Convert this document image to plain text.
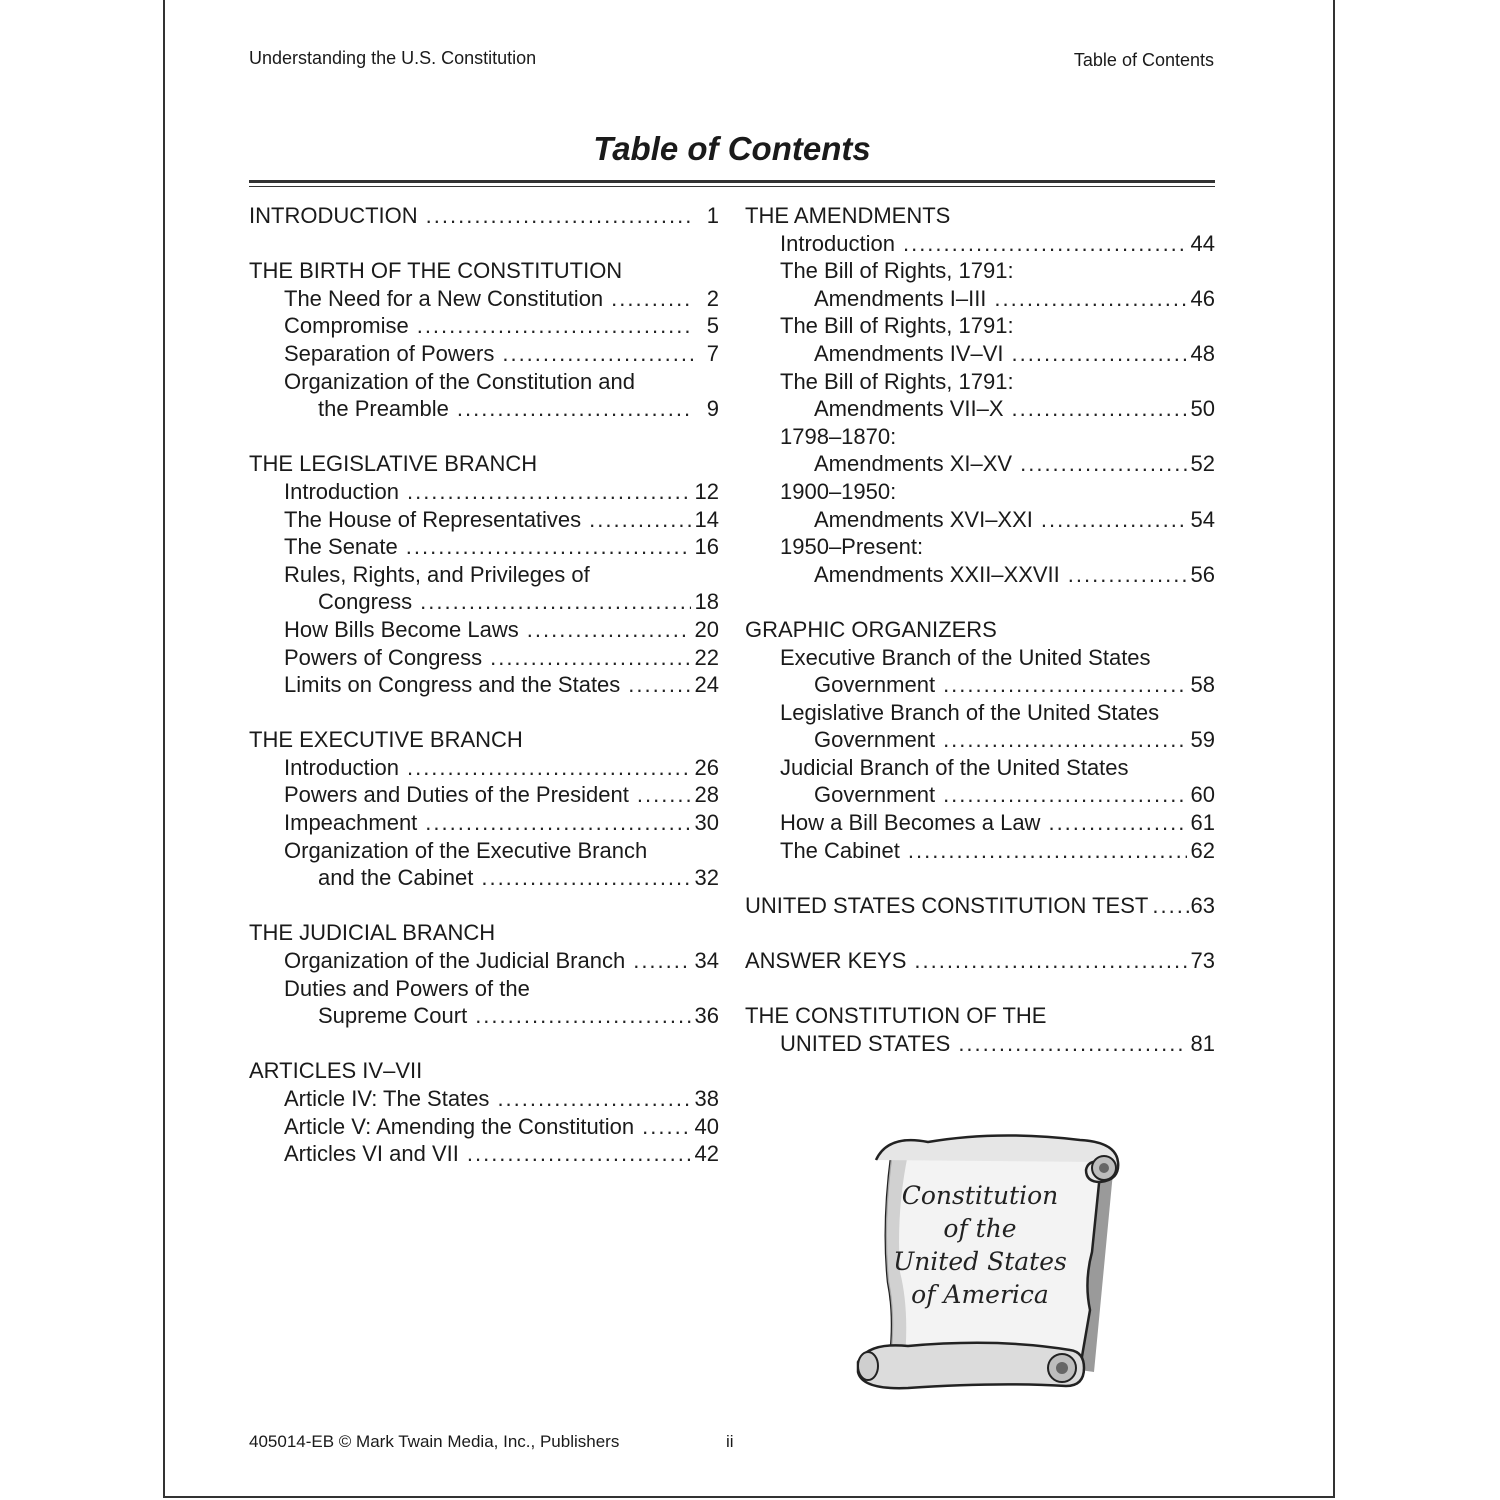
Understanding the U.S. Constitution	Table of Contents
Table of Contents
INTRODUCTION .....	1
THE BIRTH OF THE CONSTITUTION
The Need for a New Constitution .....	2
Compromise .....	5
Separation of Powers .....	7
Organization of the Constitution and
the Preamble .....	9
THE LEGISLATIVE BRANCH
Introduction .....	12
The House of Representatives .....	14
The Senate .....	16
Rules, Rights, and Privileges of
Congress .....	18
How Bills Become Laws .....	20
Powers of Congress .....	22
Limits on Congress and the States .....	24
THE EXECUTIVE BRANCH
Introduction .....	26
Powers and Duties of the President .....	28
Impeachment .....	30
Organization of the Executive Branch
and the Cabinet .....	32
THE JUDICIAL BRANCH
Organization of the Judicial Branch .....	34
Duties and Powers of the
Supreme Court .....	36
ARTICLES IV–VII
Article IV: The States .....	38
Article V: Amending the Constitution .....	40
Articles VI and VII .....	42
THE AMENDMENTS
Introduction .....	44
The Bill of Rights, 1791:
Amendments I–III .....	46
The Bill of Rights, 1791:
Amendments IV–VI .....	48
The Bill of Rights, 1791:
Amendments VII–X .....	50
1798–1870:
Amendments XI–XV .....	52
1900–1950:
Amendments XVI–XXI .....	54
1950–Present:
Amendments XXII–XXVII .....	56
GRAPHIC ORGANIZERS
Executive Branch of the United States
Government .....	58
Legislative Branch of the United States
Government .....	59
Judicial Branch of the United States
Government .....	60
How a Bill Becomes a Law .....	61
The Cabinet .....	62
UNITED STATES CONSTITUTION TEST ..... 63
ANSWER KEYS .....	73
THE CONSTITUTION OF THE
UNITED STATES .....	81
Constitution
of the
United States
of America
405014-EB © Mark Twain Media, Inc., Publishers	ii
